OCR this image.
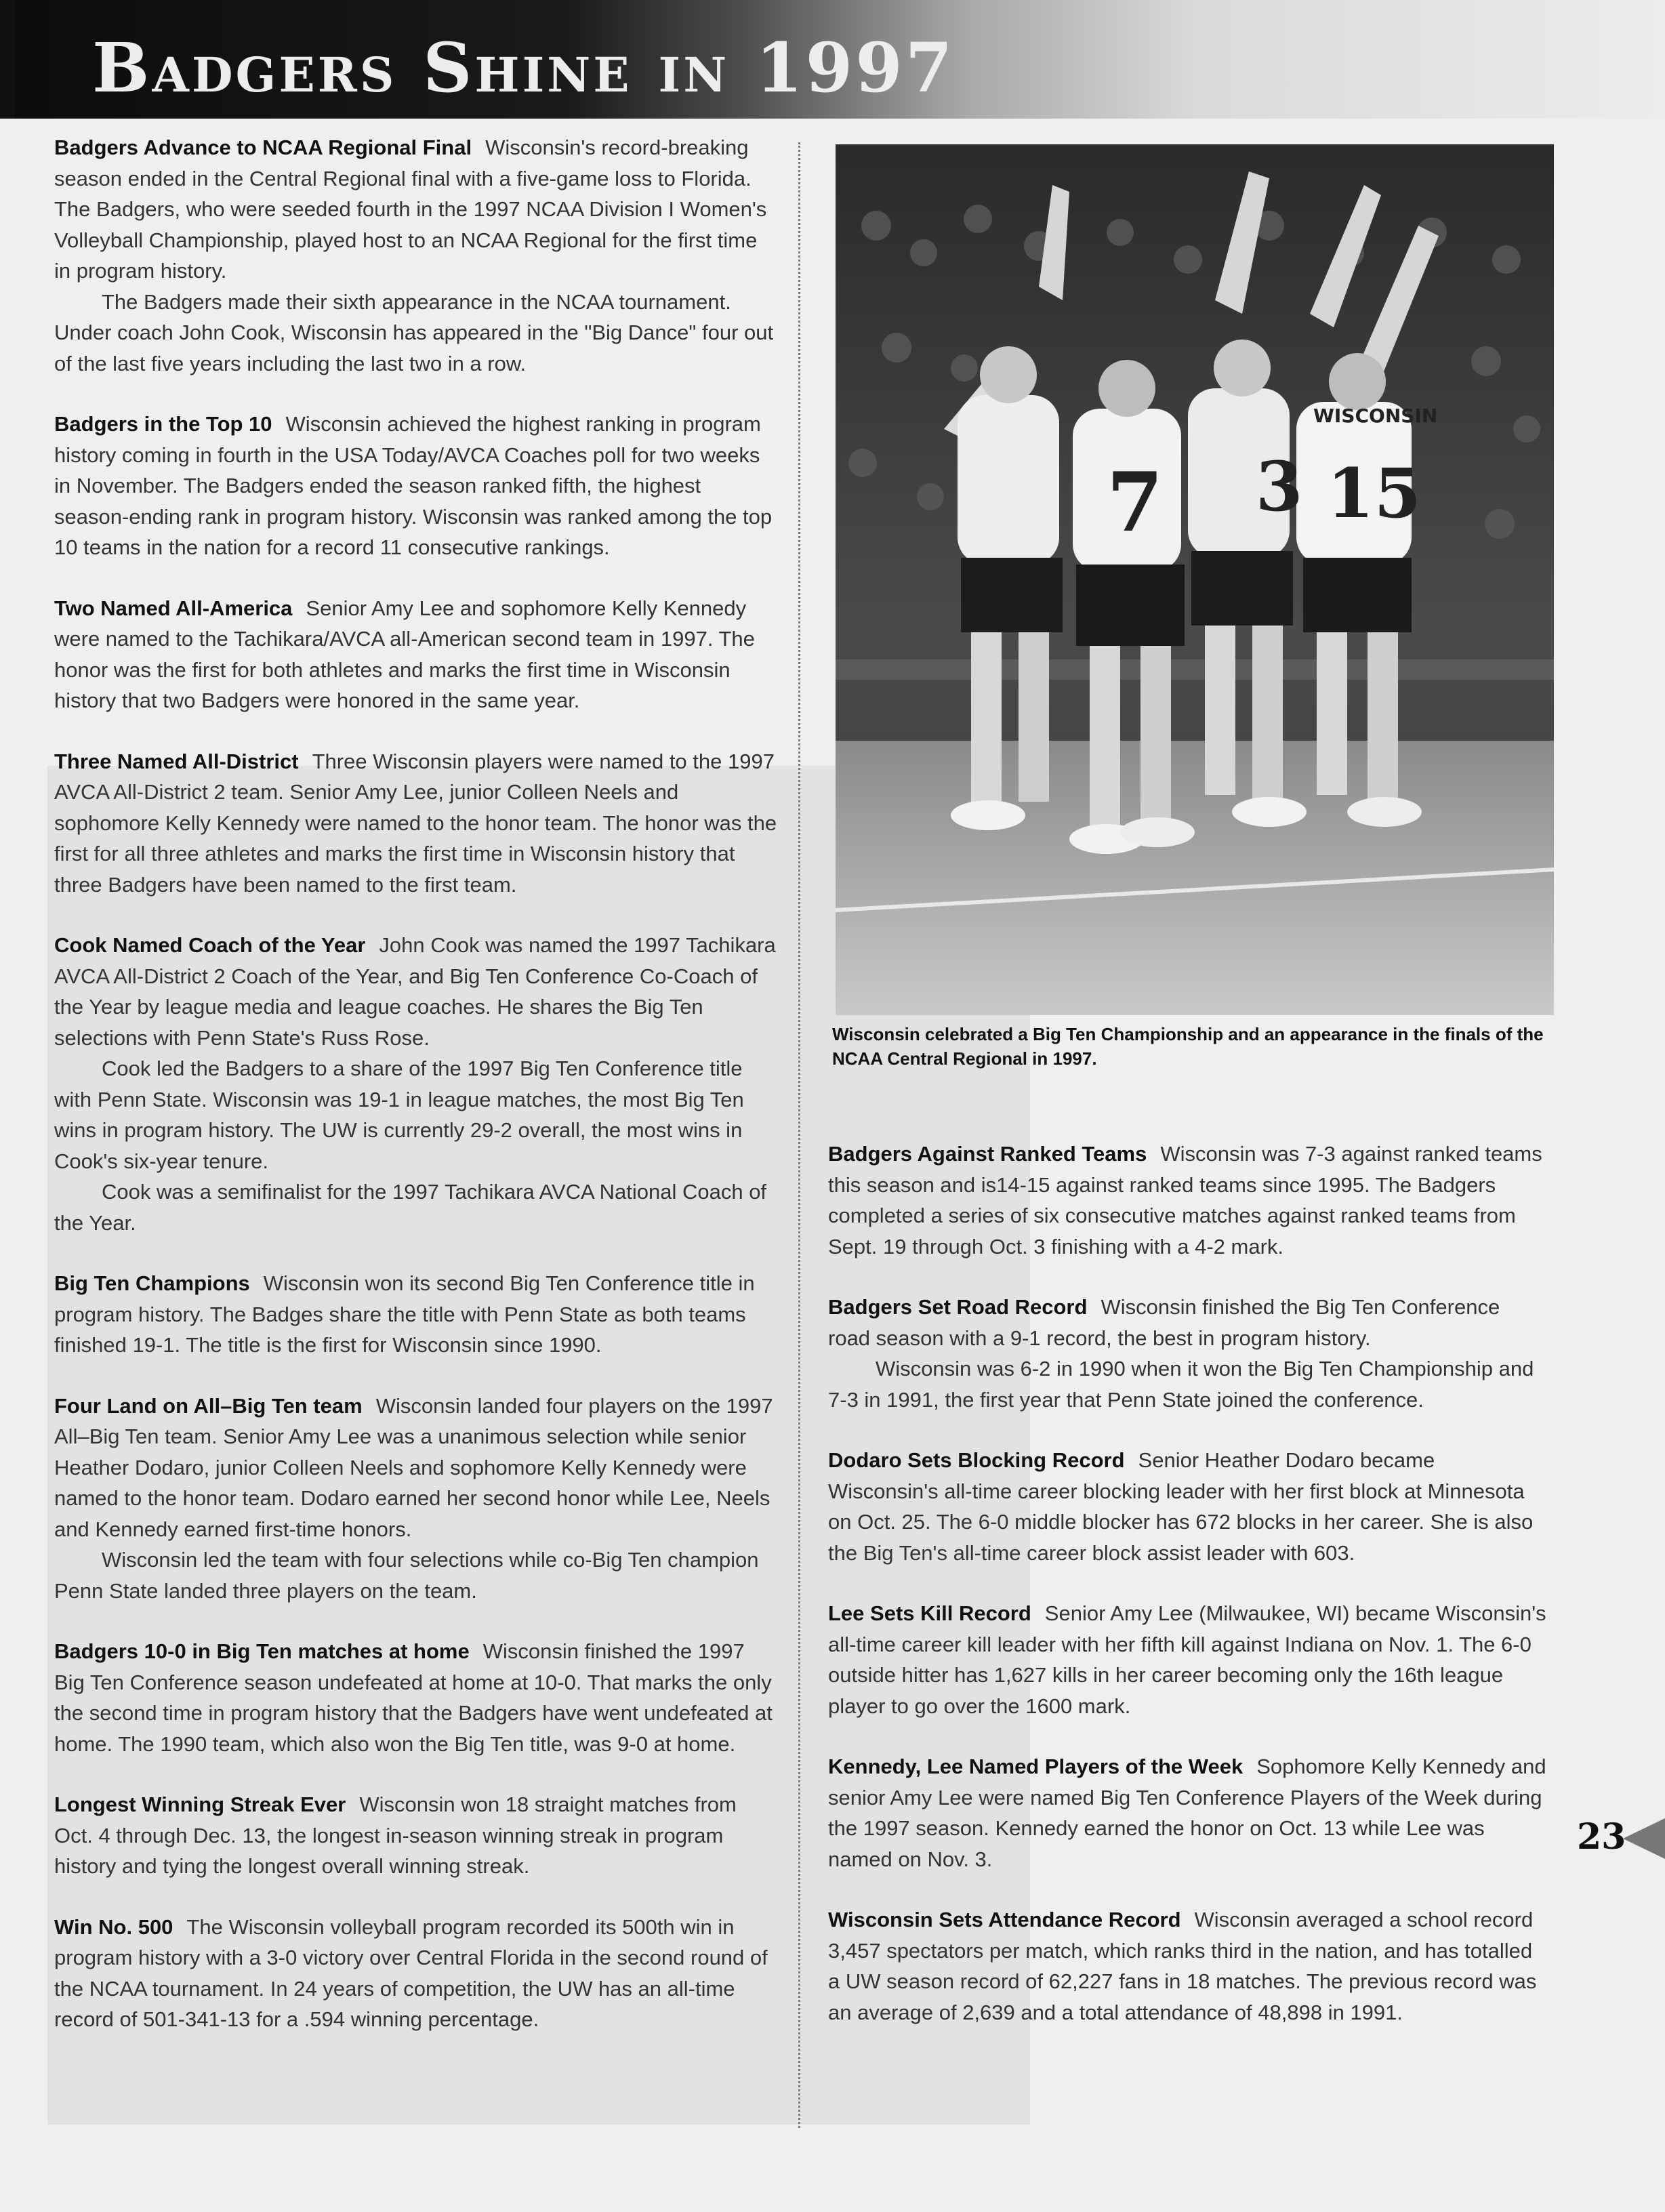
Badgers Shine in 1997

Badgers Advance to NCAA Regional Final Wisconsin's record-breaking season ended in the Central Regional final with a five-game loss to Florida. The Badgers, who were seeded fourth in the 1997 NCAA Division I Women's Volleyball Championship, played host to an NCAA Regional for the first time in program history.

The Badgers made their sixth appearance in the NCAA tournament. Under coach John Cook, Wisconsin has appeared in the "Big Dance" four out of the last five years including the last two in a row.

Badgers in the Top 10 Wisconsin achieved the highest ranking in program history coming in fourth in the USA Today/AVCA Coaches poll for two weeks in November. The Badgers ended the season ranked fifth, the highest season-ending rank in program history. Wisconsin was ranked among the top 10 teams in the nation for a record 11 consecutive rankings.

Two Named All-America Senior Amy Lee and sophomore Kelly Kennedy were named to the Tachikara/AVCA all-American second team in 1997. The honor was the first for both athletes and marks the first time in Wisconsin history that two Badgers were honored in the same year.

Three Named All-District Three Wisconsin players were named to the 1997 AVCA All-District 2 team. Senior Amy Lee, junior Colleen Neels and sophomore Kelly Kennedy were named to the honor team. The honor was the first for all three athletes and marks the first time in Wisconsin history that three Badgers have been named to the first team.

Cook Named Coach of the Year John Cook was named the 1997 Tachikara AVCA All-District 2 Coach of the Year, and Big Ten Conference Co-Coach of the Year by league media and league coaches. He shares the Big Ten selections with Penn State's Russ Rose.

Cook led the Badgers to a share of the 1997 Big Ten Conference title with Penn State. Wisconsin was 19-1 in league matches, the most Big Ten wins in program history. The UW is currently 29-2 overall, the most wins in Cook's six-year tenure.

Cook was a semifinalist for the 1997 Tachikara AVCA National Coach of the Year.

Big Ten Champions Wisconsin won its second Big Ten Conference title in program history. The Badges share the title with Penn State as both teams finished 19-1. The title is the first for Wisconsin since 1990.

Four Land on All–Big Ten team Wisconsin landed four players on the 1997 All–Big Ten team. Senior Amy Lee was a unanimous selection while senior Heather Dodaro, junior Colleen Neels and sophomore Kelly Kennedy were named to the honor team. Dodaro earned her second honor while Lee, Neels and Kennedy earned first-time honors.

Wisconsin led the team with four selections while co-Big Ten champion Penn State landed three players on the team.

Badgers 10-0 in Big Ten matches at home Wisconsin finished the 1997 Big Ten Conference season undefeated at home at 10-0. That marks the only the second time in program history that the Badgers have went undefeated at home. The 1990 team, which also won the Big Ten title, was 9-0 at home.

Longest Winning Streak Ever Wisconsin won 18 straight matches from Oct. 4 through Dec. 13, the longest in-season winning streak in program history and tying the longest overall winning streak.

Win No. 500 The Wisconsin volleyball program recorded its 500th win in program history with a 3-0 victory over Central Florida in the second round of the NCAA tournament. In 24 years of competition, the UW has an all-time record of 501-341-13 for a .594 winning percentage.

7 3
WISCONSIN
15
Wisconsin celebrated a Big Ten Championship and an appearance in the finals of the NCAA Central Regional in 1997.

Badgers Against Ranked Teams Wisconsin was 7-3 against ranked teams this season and is14-15 against ranked teams since 1995. The Badgers completed a series of six consecutive matches against ranked teams from Sept. 19 through Oct. 3 finishing with a 4-2 mark.

Badgers Set Road Record Wisconsin finished the Big Ten Conference road season with a 9-1 record, the best in program history.

Wisconsin was 6-2 in 1990 when it won the Big Ten Championship and 7-3 in 1991, the first year that Penn State joined the conference.

Dodaro Sets Blocking Record Senior Heather Dodaro became Wisconsin's all-time career blocking leader with her first block at Minnesota on Oct. 25. The 6-0 middle blocker has 672 blocks in her career. She is also the Big Ten's all-time career block assist leader with 603.

Lee Sets Kill Record Senior Amy Lee (Milwaukee, WI) became Wisconsin's all-time career kill leader with her fifth kill against Indiana on Nov. 1. The 6-0 outside hitter has 1,627 kills in her career becoming only the 16th league player to go over the 1600 mark.

Kennedy, Lee Named Players of the Week Sophomore Kelly Kennedy and senior Amy Lee were named Big Ten Conference Players of the Week during the 1997 season. Kennedy earned the honor on Oct. 13 while Lee was named on Nov. 3.

Wisconsin Sets Attendance Record Wisconsin averaged a school record 3,457 spectators per match, which ranks third in the nation, and has totalled a UW season record of 62,227 fans in 18 matches. The previous record was an average of 2,639 and a total attendance of 48,898 in 1991.

23
